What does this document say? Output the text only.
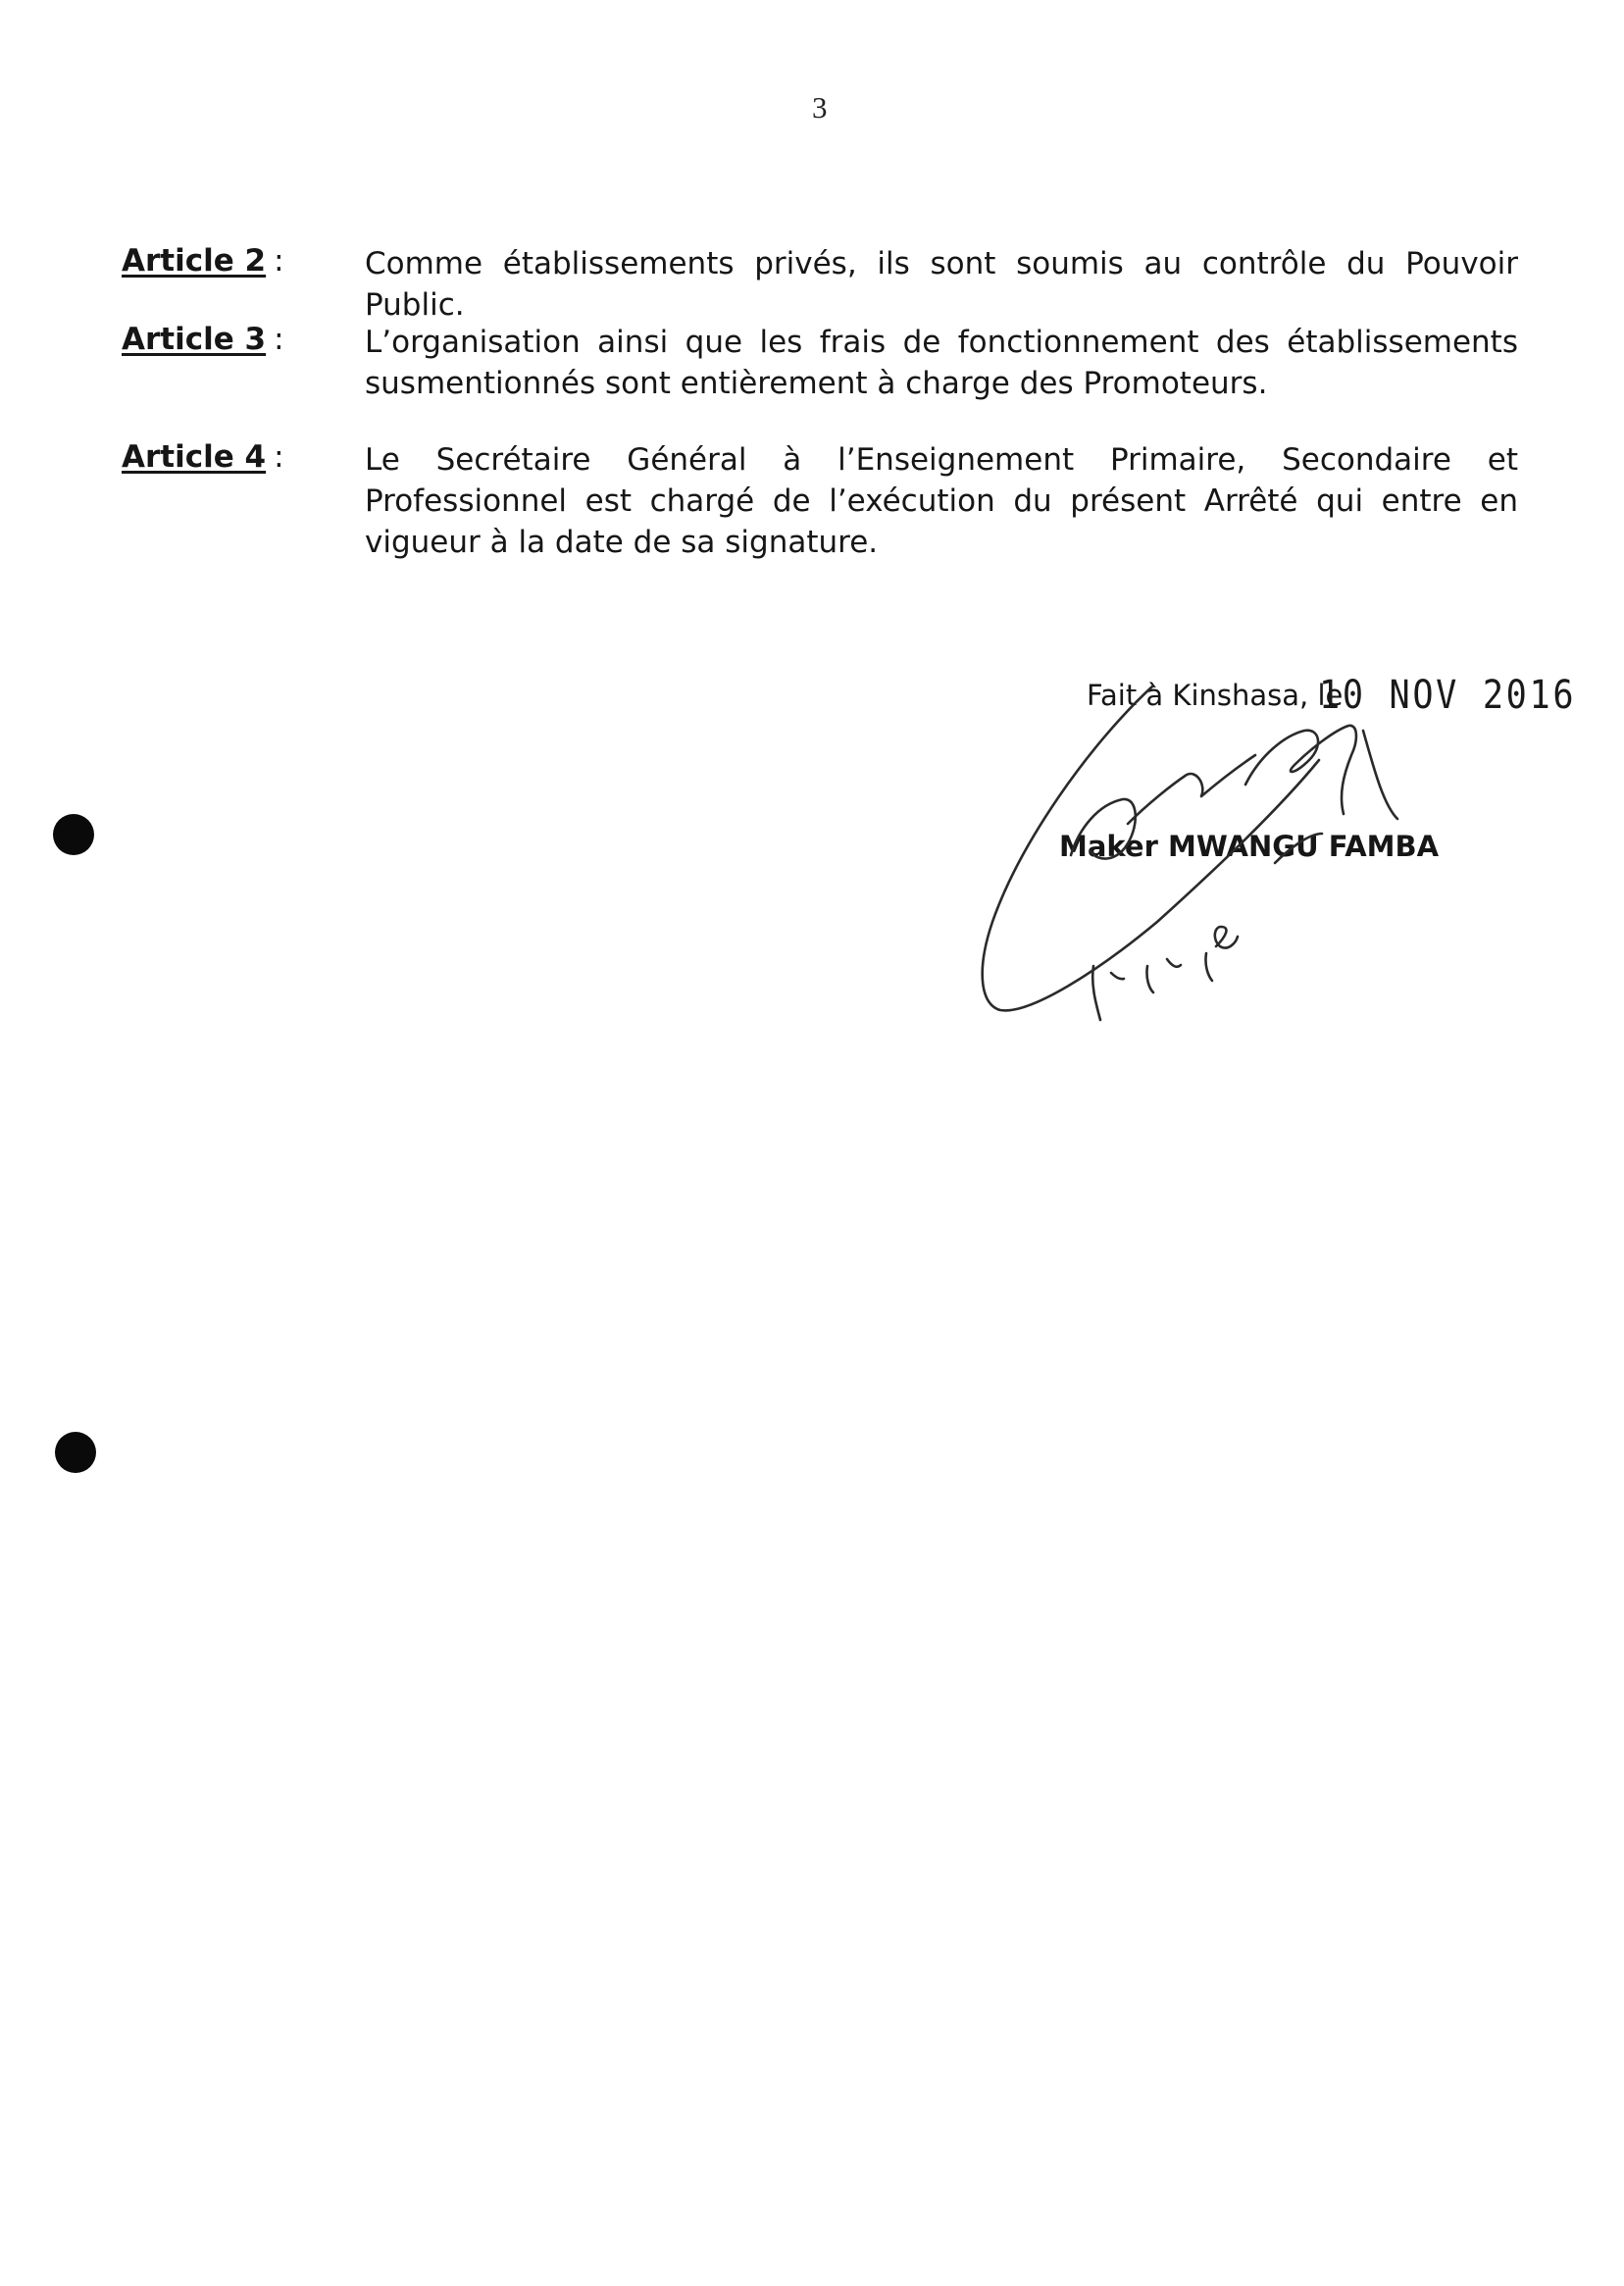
3
Article 2 :	Comme établissements privés, ils sont soumis au contrôle du Pouvoir Public.
Article 3 :	L’organisation ainsi que les frais de fonctionnement des établissements susmentionnés sont entièrement à charge des Promoteurs.
Article 4 :	Le Secrétaire Général à l’Enseignement Primaire, Secondaire et Professionnel est chargé de l’exécution du présent Arrêté qui entre en vigueur à la date de sa signature.
Fait à Kinshasa, le
10 NOV 2016
Maker MWANGU FAMBA
